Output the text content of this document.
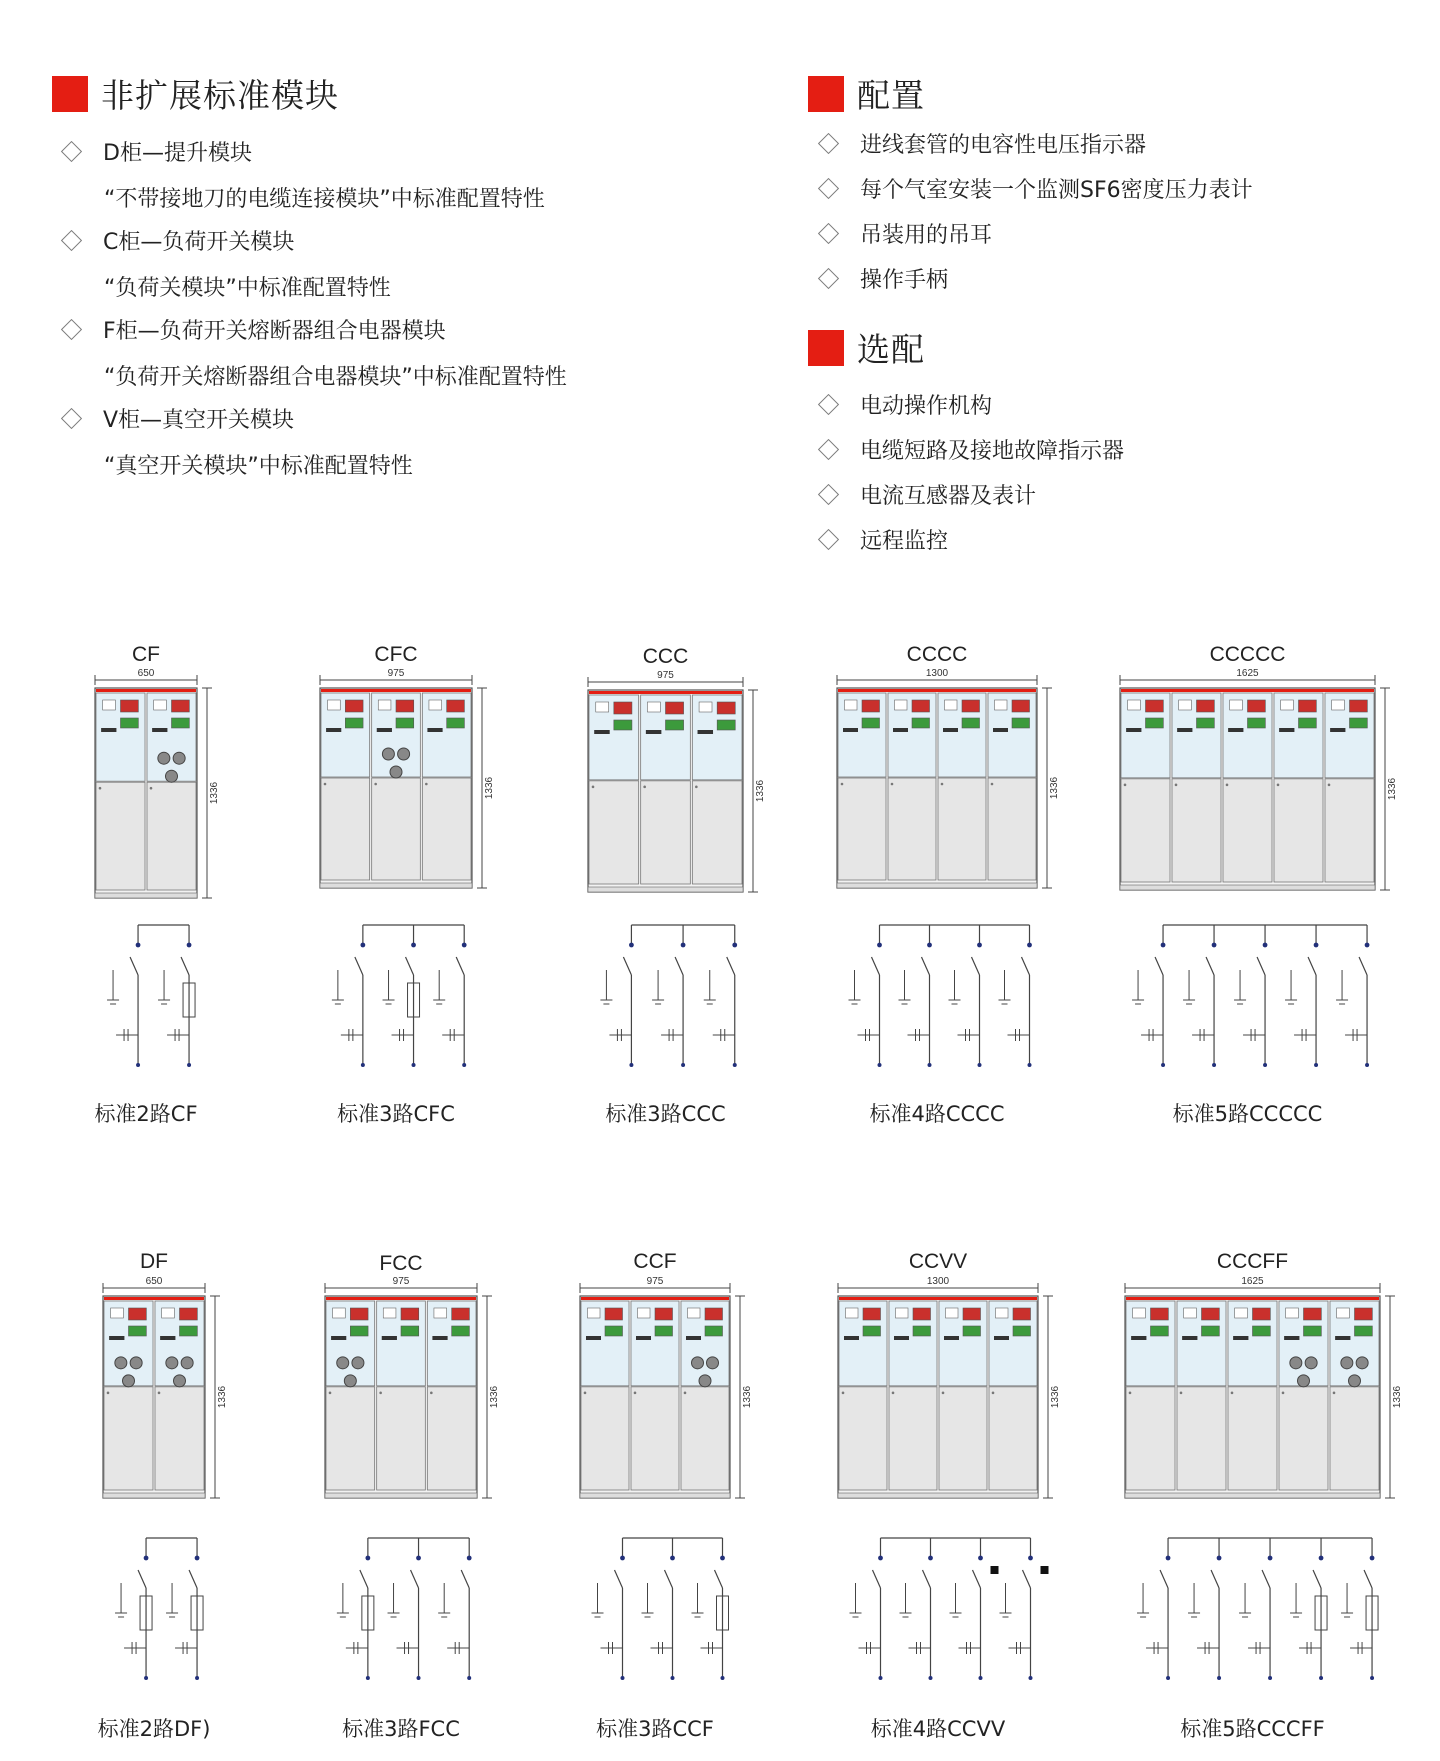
非扩展标准模块
D柜—提升模块
“不带接地刀的电缆连接模块”中标准配置特性
C柜—负荷开关模块
“负荷关模块”中标准配置特性
F柜—负荷开关熔断器组合电器模块
“负荷开关熔断器组合电器模块”中标准配置特性
V柜—真空开关模块
“真空开关模块”中标准配置特性
配置
进线套管的电容性电压指示器
每个气室安装一个监测SF6密度压力表计
吊装用的吊耳
操作手柄
选配
电动操作机构
电缆短路及接地故障指示器
电流互感器及表计
远程监控
CF
标准2路CF
650
1336
CFC
标准3路CFC
975
1336
CCC
标准3路CCC
975
1336
CCCC
标准4路CCCC
1300
1336
CCCCC
标准5路CCCCC
1625
1336
DF
标准2路DF)
650
1336
FCC
标准3路FCC
975
1336
CCF
标准3路CCF
975
1336
CCVV
标准4路CCVV
1300
1336
CCCFF
标准5路CCCFF
1625
1336
